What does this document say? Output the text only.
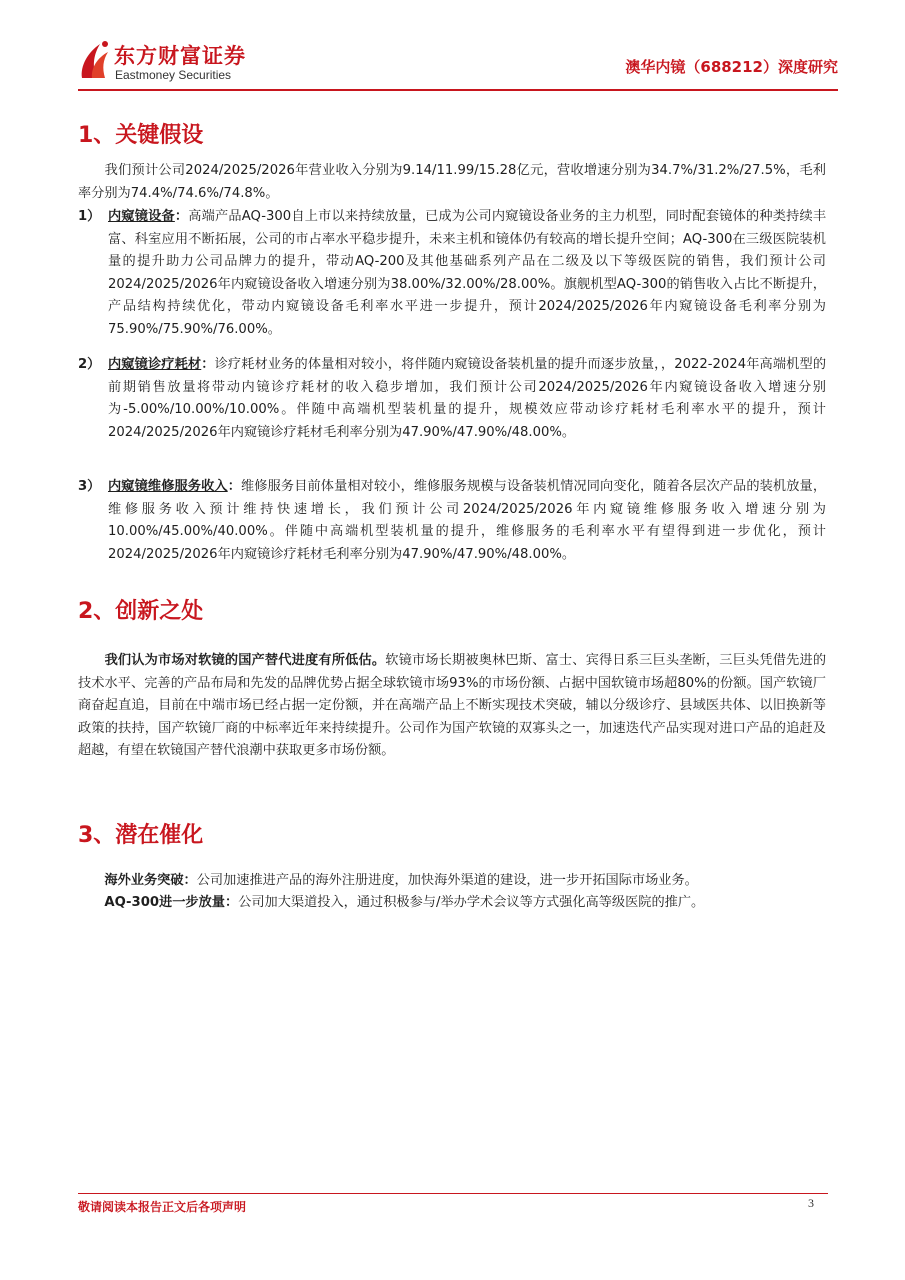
东方财富证券
Eastmoney Securities	澳华内镜（688212）深度研究
1、关键假设

我们预计公司2024/2025/2026年营业收入分别为9.14/11.99/15.28亿元，营收增速分别为34.7%/31.2%/27.5%，毛利率分别为74.4%/74.6%/74.8%。

1） 内窥镜设备：高端产品AQ-300自上市以来持续放量，已成为公司内窥镜设备业务的主力机型，同时配套镜体的种类持续丰富、科室应用不断拓展，公司的市占率水平稳步提升，未来主机和镜体仍有较高的增长提升空间；AQ-300在三级医院装机量的提升助力公司品牌力的提升，带动AQ-200及其他基础系列产品在二级及以下等级医院的销售，我们预计公司2024/2025/2026年内窥镜设备收入增速分别为38.00%/32.00%/28.00%。旗舰机型AQ-300的销售收入占比不断提升，产品结构持续优化，带动内窥镜设备毛利率水平进一步提升，预计2024/2025/2026年内窥镜设备毛利率分别为75.90%/75.90%/76.00%。
2） 内窥镜诊疗耗材：诊疗耗材业务的体量相对较小，将伴随内窥镜设备装机量的提升而逐步放量，，2022-2024年高端机型的前期销售放量将带动内镜诊疗耗材的收入稳步增加，我们预计公司2024/2025/2026年内窥镜设备收入增速分别为-5.00%/10.00%/10.00%。伴随中高端机型装机量的提升，规模效应带动诊疗耗材毛利率水平的提升，预计2024/2025/2026年内窥镜诊疗耗材毛利率分别为47.90%/47.90%/48.00%。
3） 内窥镜维修服务收入：维修服务目前体量相对较小，维修服务规模与设备装机情况同向变化，随着各层次产品的装机放量，维修服务收入预计维持快速增长，我们预计公司2024/2025/2026年内窥镜维修服务收入增速分别为10.00%/45.00%/40.00%。伴随中高端机型装机量的提升，维修服务的毛利率水平有望得到进一步优化，预计2024/2025/2026年内窥镜诊疗耗材毛利率分别为47.90%/47.90%/48.00%。
2、创新之处

我们认为市场对软镜的国产替代进度有所低估。软镜市场长期被奥林巴斯、富士、宾得日系三巨头垄断，三巨头凭借先进的技术水平、完善的产品布局和先发的品牌优势占据全球软镜市场93%的市场份额、占据中国软镜市场超80%的份额。国产软镜厂商奋起直追，目前在中端市场已经占据一定份额，并在高端产品上不断实现技术突破，辅以分级诊疗、县域医共体、以旧换新等政策的扶持，国产软镜厂商的中标率近年来持续提升。公司作为国产软镜的双寡头之一，加速迭代产品实现对进口产品的追赶及超越，有望在软镜国产替代浪潮中获取更多市场份额。

3、潜在催化

海外业务突破：公司加速推进产品的海外注册进度，加快海外渠道的建设，进一步开拓国际市场业务。

AQ-300进一步放量：公司加大渠道投入，通过积极参与/举办学术会议等方式强化高等级医院的推广。

敬请阅读本报告正文后各项声明	3
